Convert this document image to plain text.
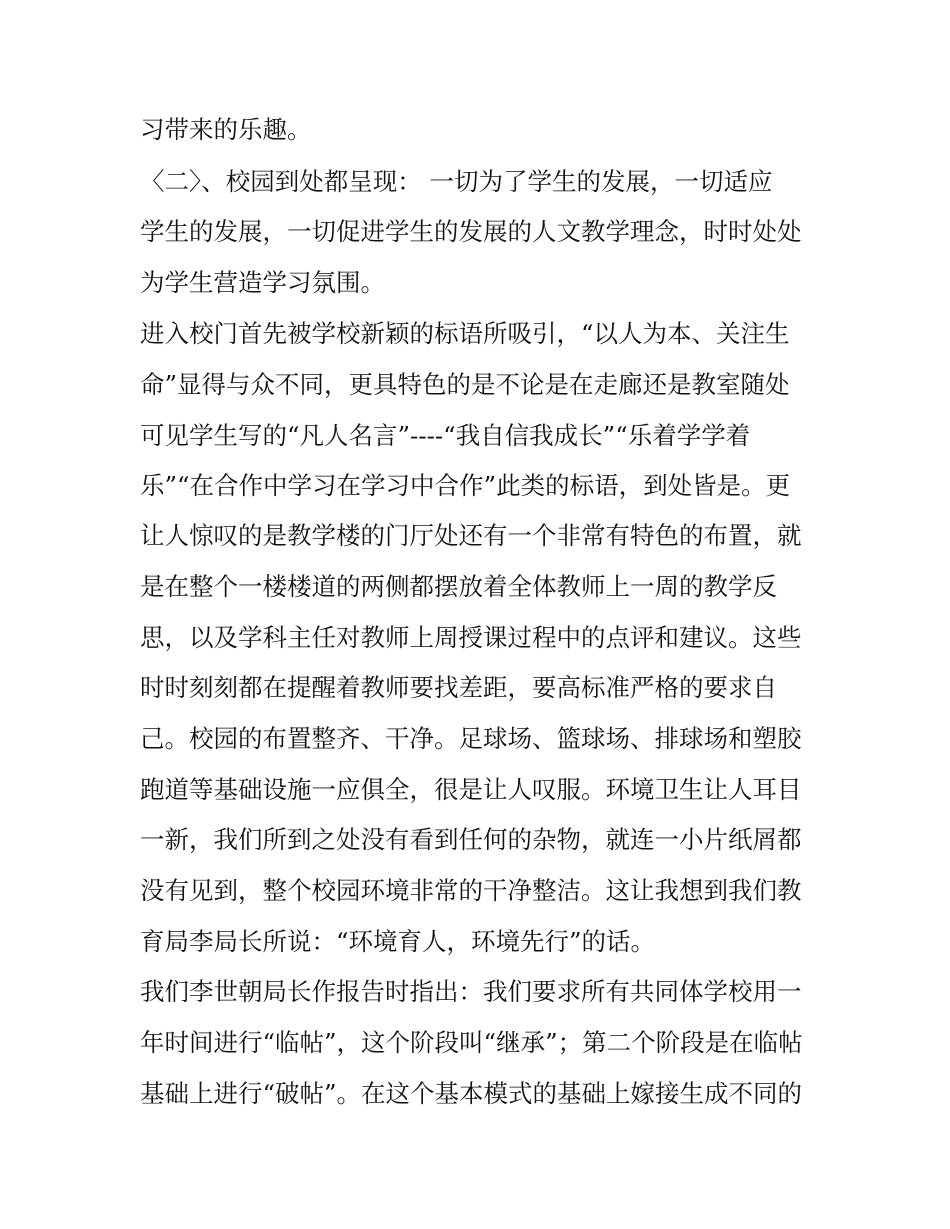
习带来的乐趣。

〈二〉、校园到处都呈现： 一切为了学生的发展，一切适应

学生的发展，一切促进学生的发展的人文教学理念，时时处处

为学生营造学习氛围。

进入校门首先被学校新颖的标语所吸引，“以人为本、关注生

命”显得与众不同，更具特色的是不论是在走廊还是教室随处

可见学生写的“凡人名言”----“我自信我成长”“乐着学学着

乐”“在合作中学习在学习中合作”此类的标语，到处皆是。更

让人惊叹的是教学楼的门厅处还有一个非常有特色的布置，就

是在整个一楼楼道的两侧都摆放着全体教师上一周的教学反

思，以及学科主任对教师上周授课过程中的点评和建议。这些

时时刻刻都在提醒着教师要找差距，要高标准严格的要求自

己。校园的布置整齐、干净。足球场、篮球场、排球场和塑胶

跑道等基础设施一应俱全，很是让人叹服。环境卫生让人耳目

一新，我们所到之处没有看到任何的杂物，就连一小片纸屑都

没有见到，整个校园环境非常的干净整洁。这让我想到我们教

育局李局长所说：“环境育人，环境先行”的话。

我们李世朝局长作报告时指出：我们要求所有共同体学校用一

年时间进行“临帖”，这个阶段叫“继承”；第二个阶段是在临帖

基础上进行“破帖”。在这个基本模式的基础上嫁接生成不同的
